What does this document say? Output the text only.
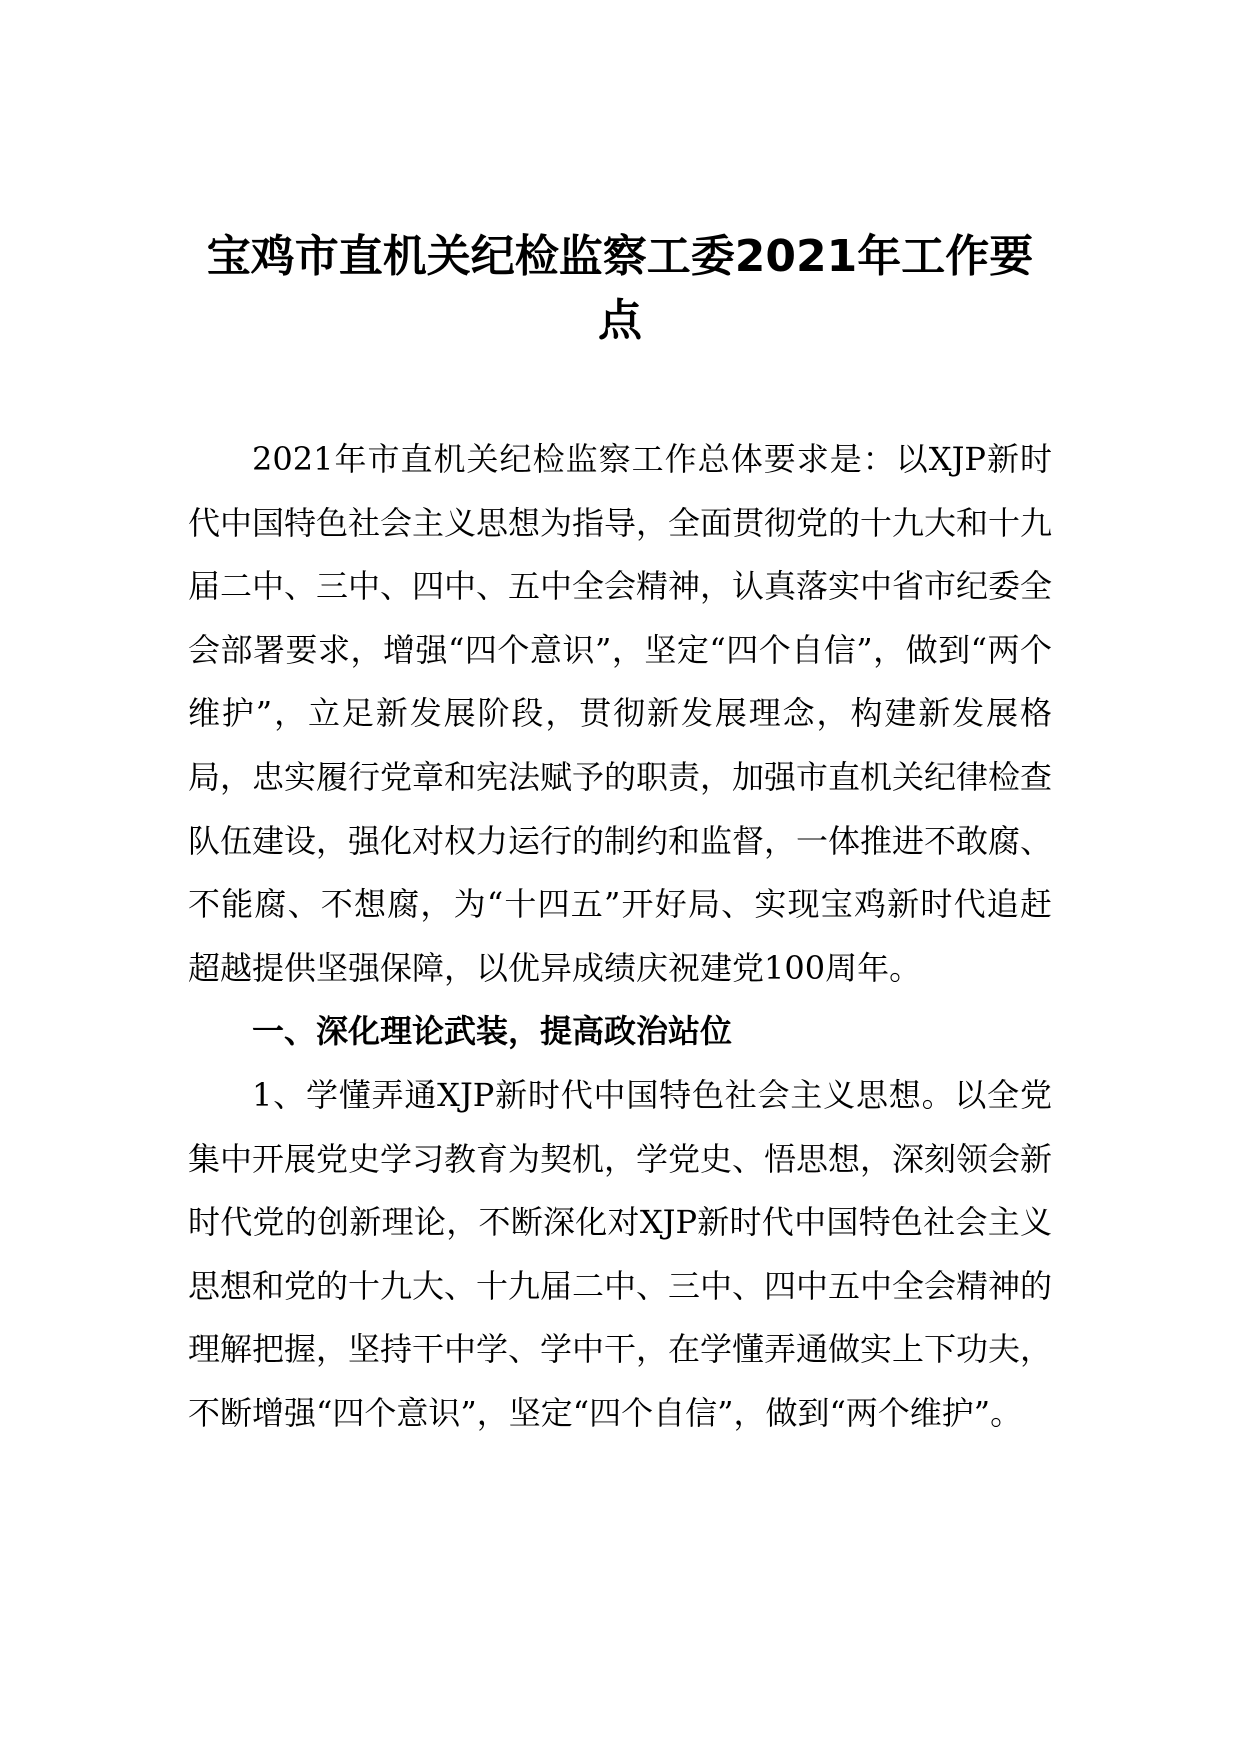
宝鸡市直机关纪检监察工委2021年工作要点

2021年市直机关纪检监察工作总体要求是：以XJP新时代中国特色社会主义思想为指导，全面贯彻党的十九大和十九届二中、三中、四中、五中全会精神，认真落实中省市纪委全会部署要求，增强“四个意识”，坚定“四个自信”，做到“两个维护”，立足新发展阶段，贯彻新发展理念，构建新发展格局，忠实履行党章和宪法赋予的职责，加强市直机关纪律检查队伍建设，强化对权力运行的制约和监督，一体推进不敢腐、不能腐、不想腐，为“十四五”开好局、实现宝鸡新时代追赶超越提供坚强保障，以优异成绩庆祝建党100周年。

一、深化理论武装，提高政治站位

1、学懂弄通XJP新时代中国特色社会主义思想。以全党集中开展党史学习教育为契机，学党史、悟思想，深刻领会新时代党的创新理论，不断深化对XJP新时代中国特色社会主义思想和党的十九大、十九届二中、三中、四中五中全会精神的理解把握，坚持干中学、学中干，在学懂弄通做实上下功夫，不断增强“四个意识”，坚定“四个自信”，做到“两个维护”。
